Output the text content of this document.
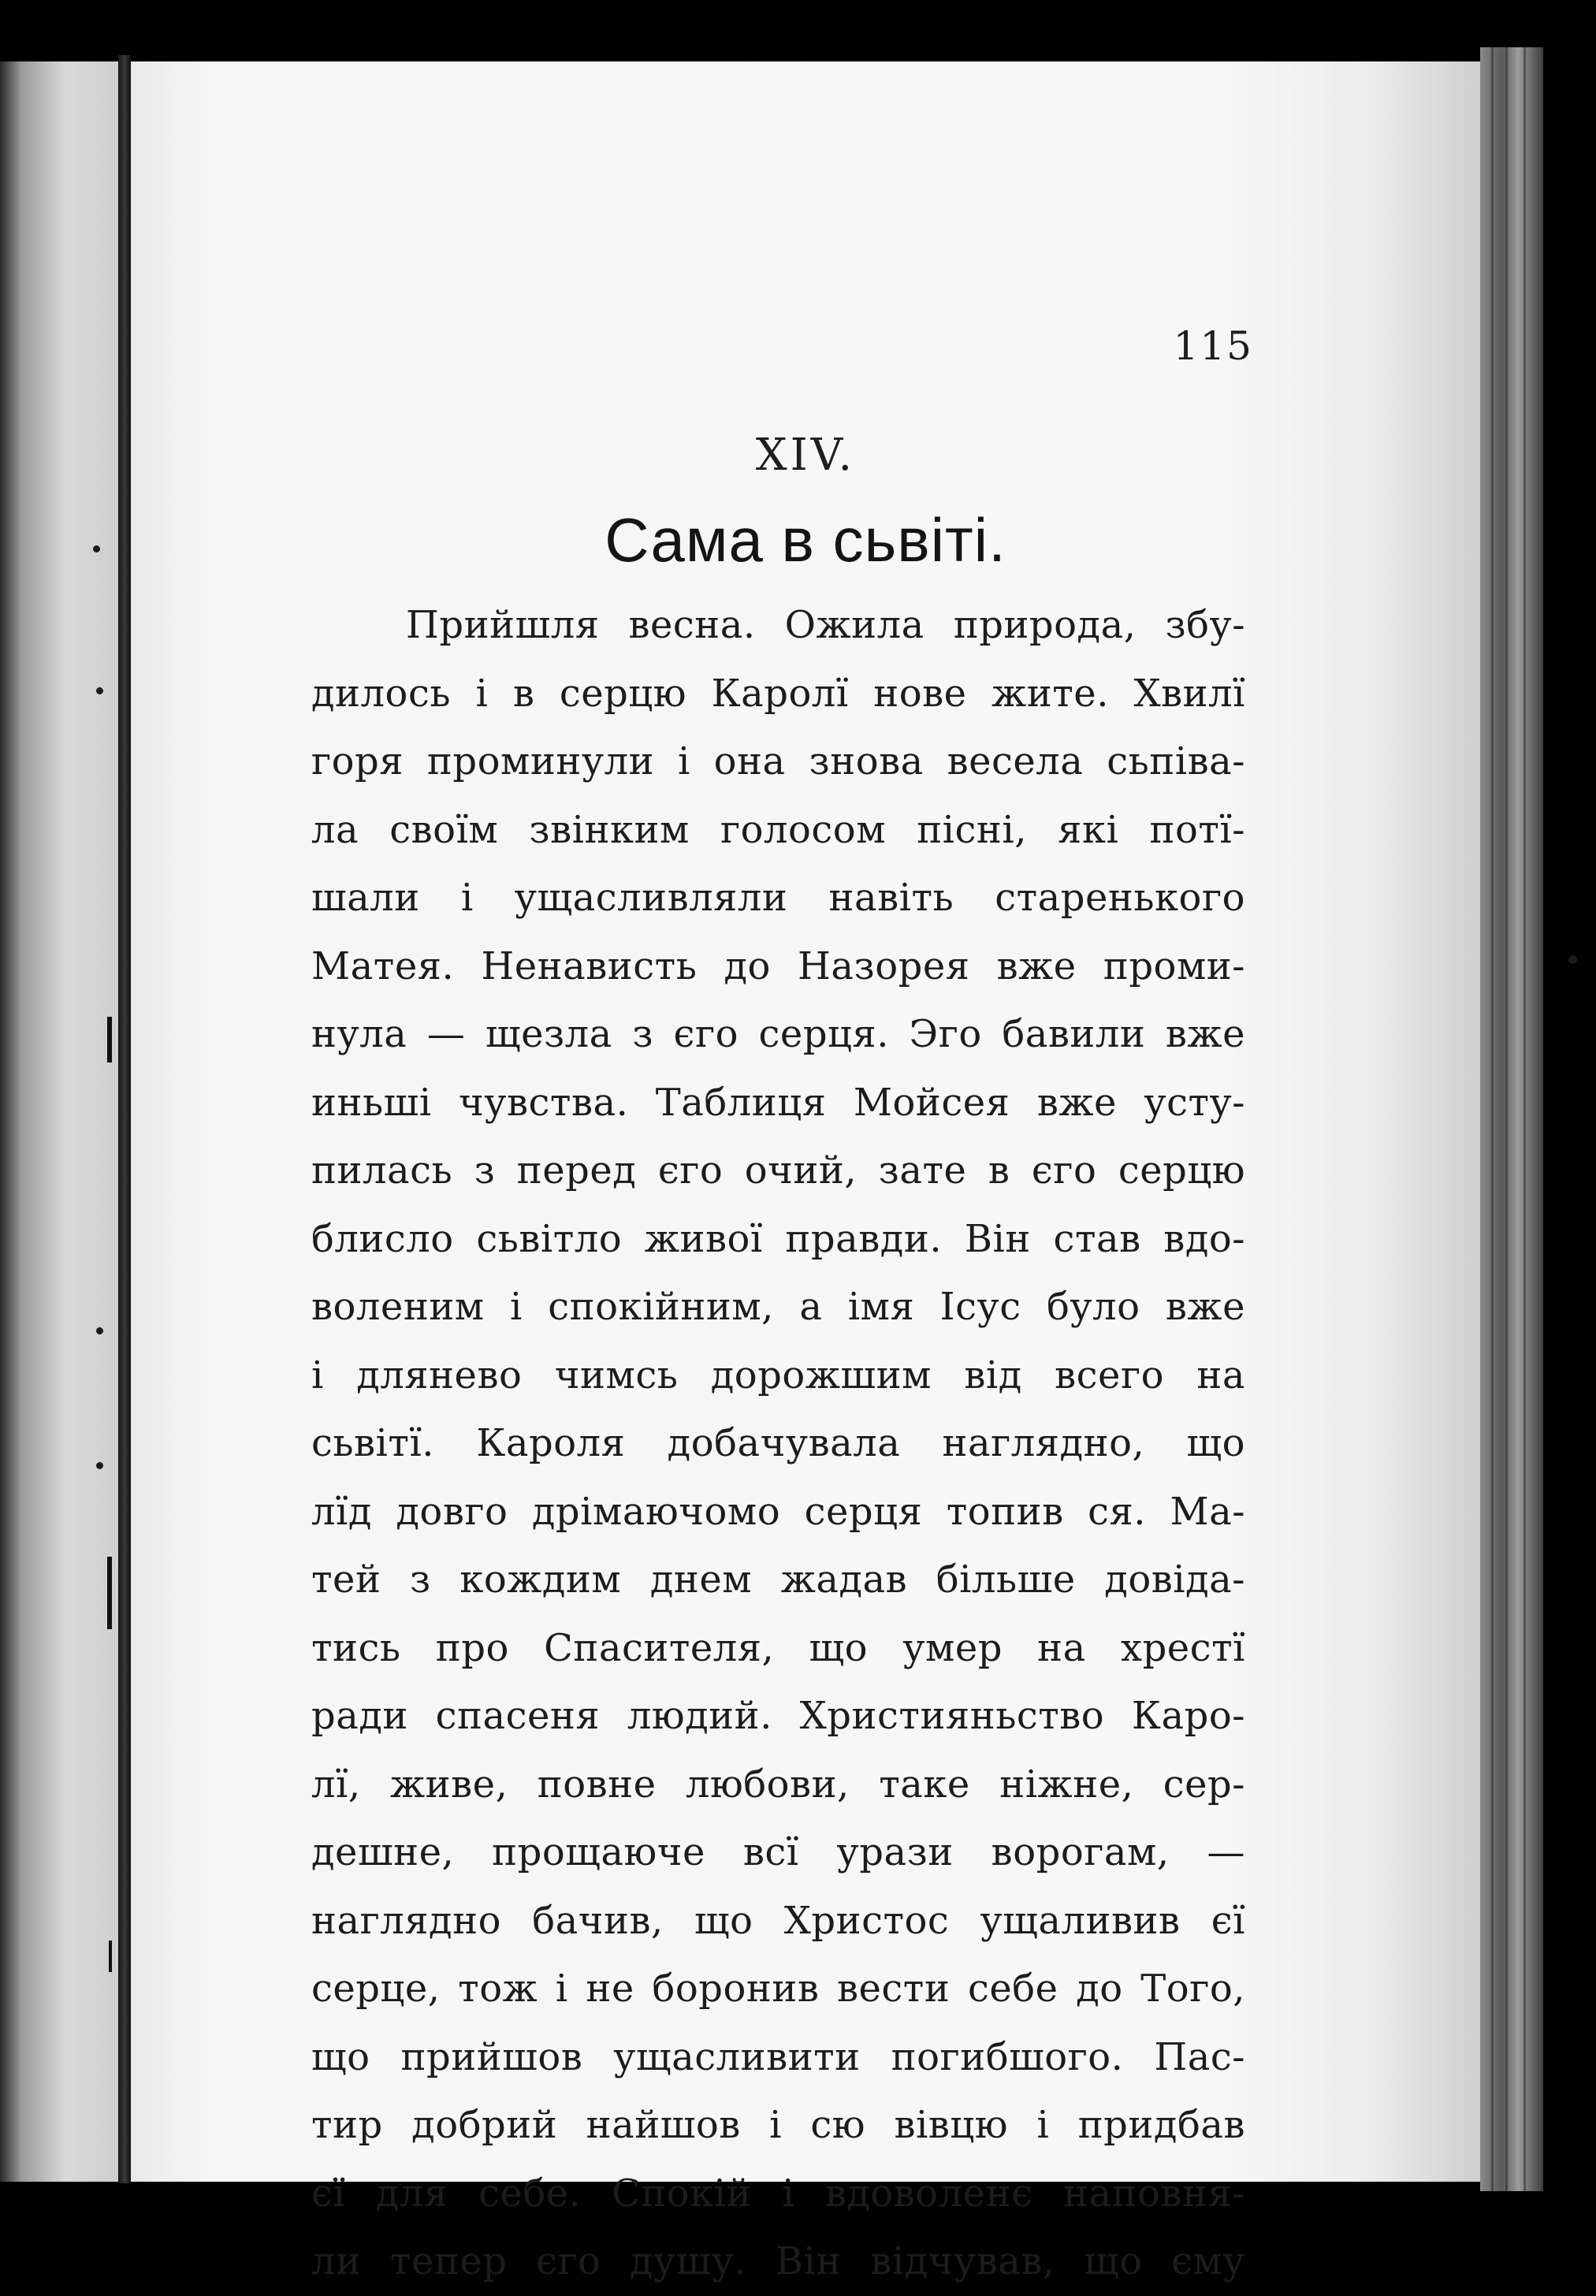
115
XIV.
Сама в сьвіті.
Прийшля весна. Ожила природа, збу-
дилось і в серцю Каролї нове жите. Хвилї
горя проминули і она знова весела сьпіва-
ла своїм звінким голосом пісні, які потї-
шали і ущасливляли навіть старенького
Матея. Ненависть до Назорея вже проми-
нула — щезла з єго серця. Эго бавили вже
иньші чувства. Таблиця Мойсея вже усту-
пилась з перед єго очий, зате в єго серцю
блисло сьвітло живої правди. Він став вдо-
воленим і спокійним, а імя Ісус було вже
і длянево чимсь дорожшим від всего на
сьвітї. Кароля добачувала наглядно, що
лїд довго дрімаючомо серця топив ся. Ма-
тей з кождим днем жадав більше довіда-
тись про Спасителя, що умер на хрестї
ради спасеня людий. Християньство Каро-
лї, живе, повне любови, таке ніжне, сер-
дешне, прощаюче всї урази ворогам, —
наглядно бачив, що Христос ущаливив єї
серце, тож і не боронив вести себе до Того,
що прийшов ущасливити погибшого. Пас-
тир добрий найшов і сю вівцю і придбав
єї для себе. Спокій і вдоволенє наповня-
ли тепер єго душу. Він відчував, що єму
